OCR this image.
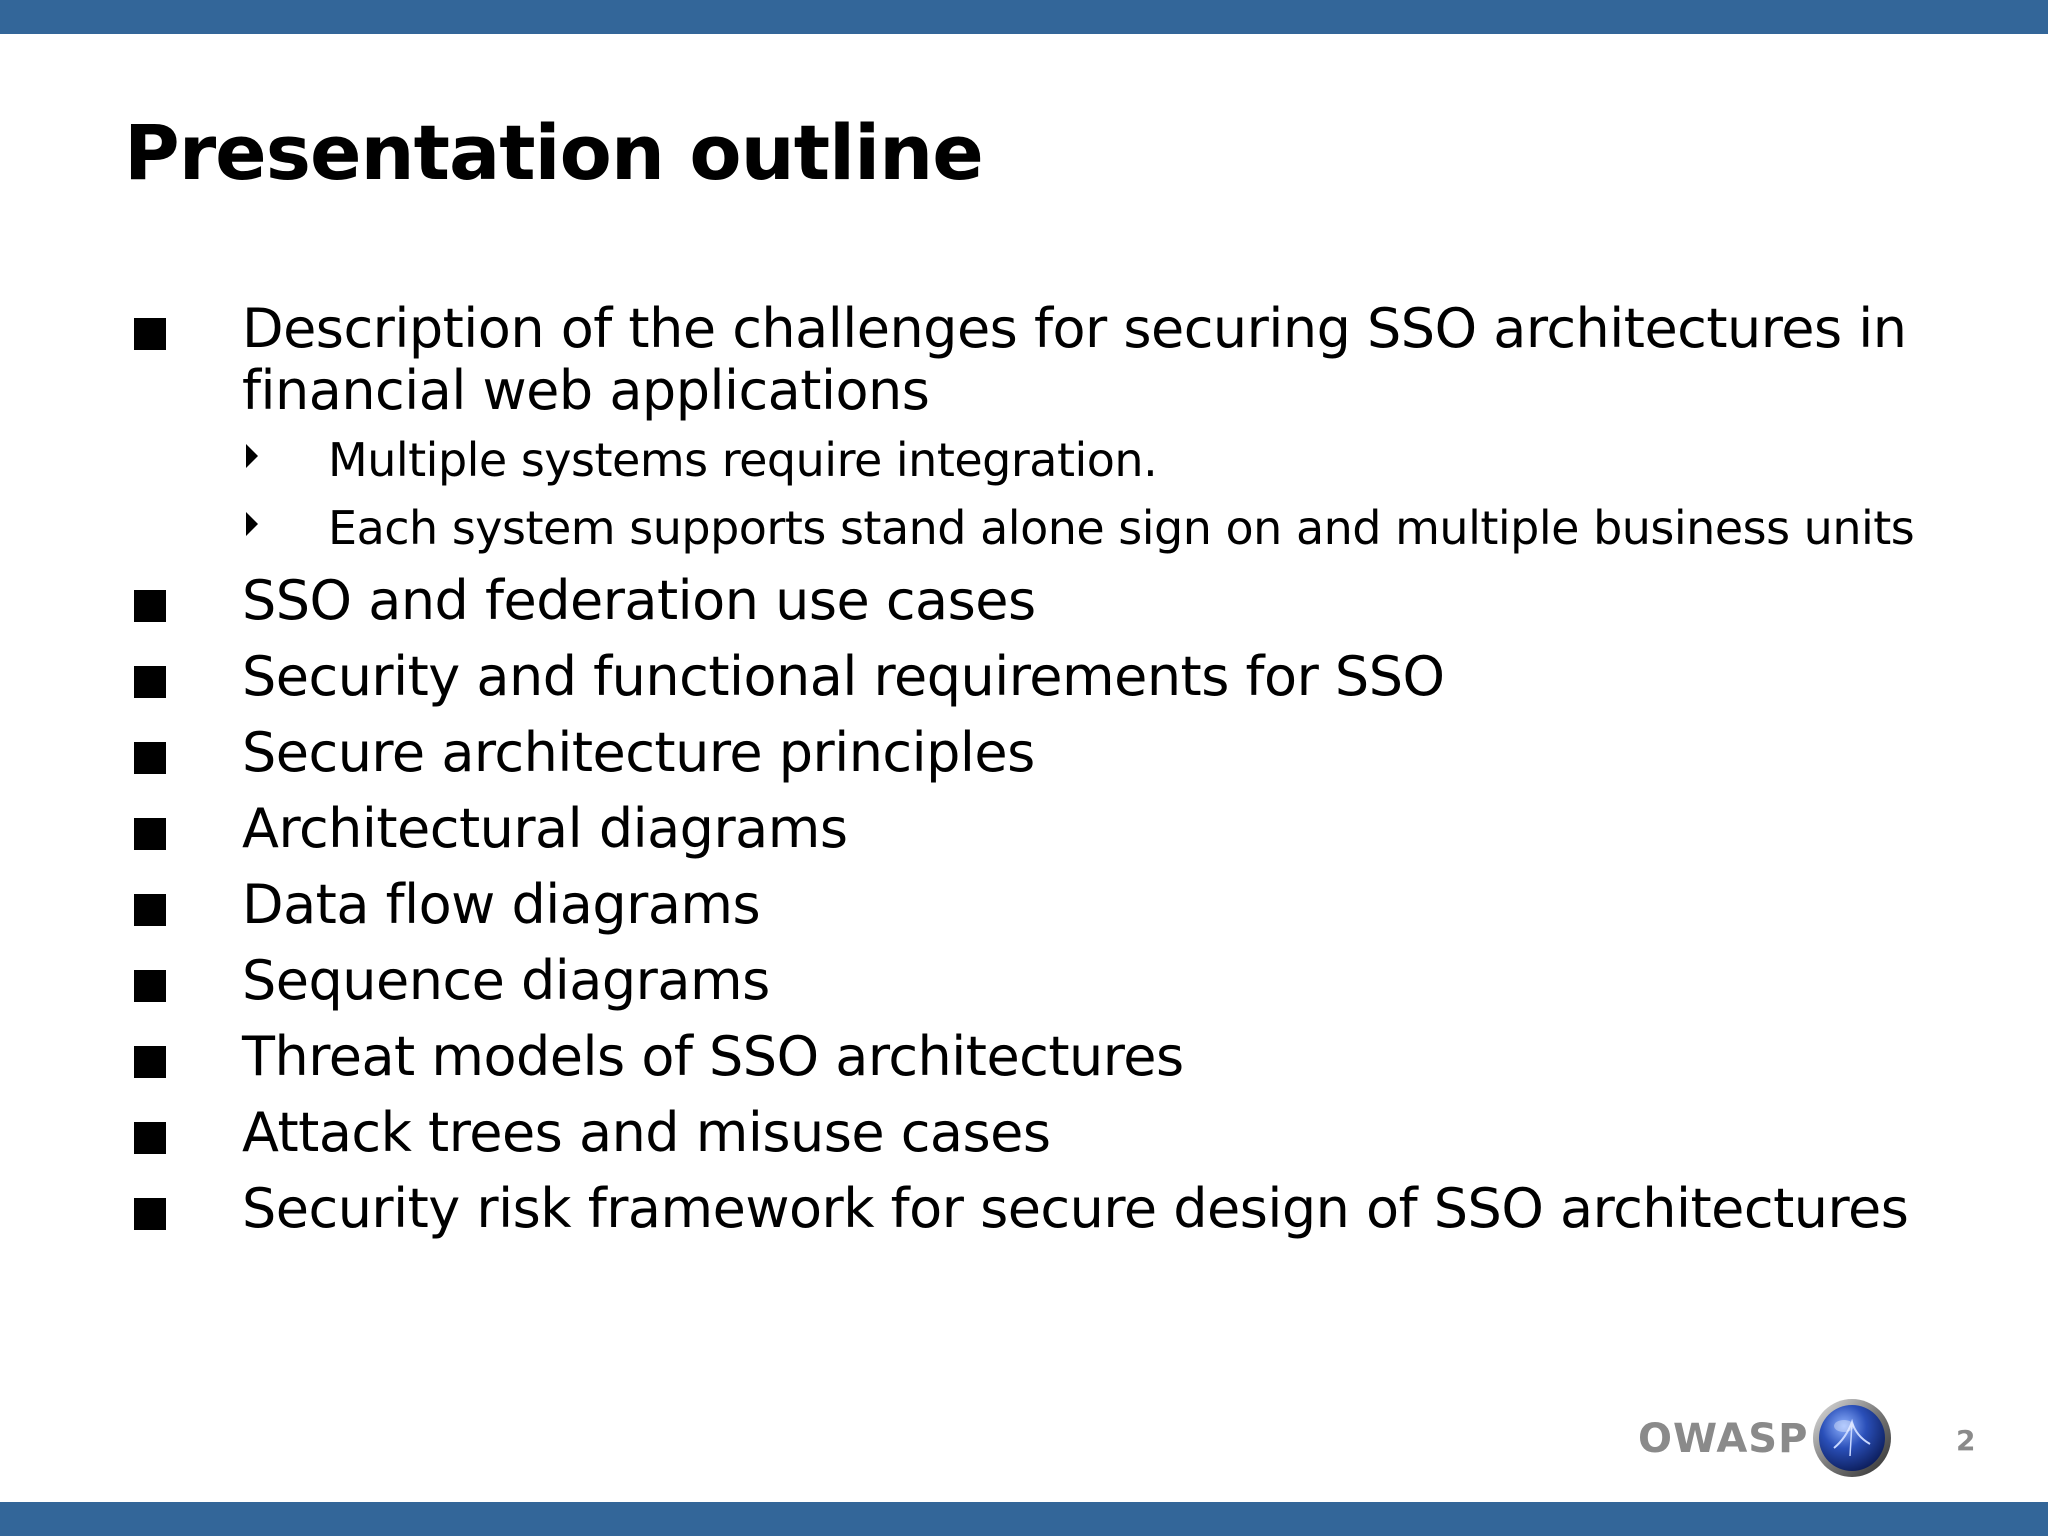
Presentation outline
Description of the challenges for securing SSO architectures in financial web applications
Multiple systems require integration.
Each system supports stand alone sign on and multiple business units
SSO and federation use cases
Security and functional requirements for SSO
Secure architecture principles
Architectural diagrams
Data flow diagrams
Sequence diagrams
Threat models of SSO architectures
Attack trees and misuse cases
Security risk framework for secure design of SSO architectures
OWASP	2
